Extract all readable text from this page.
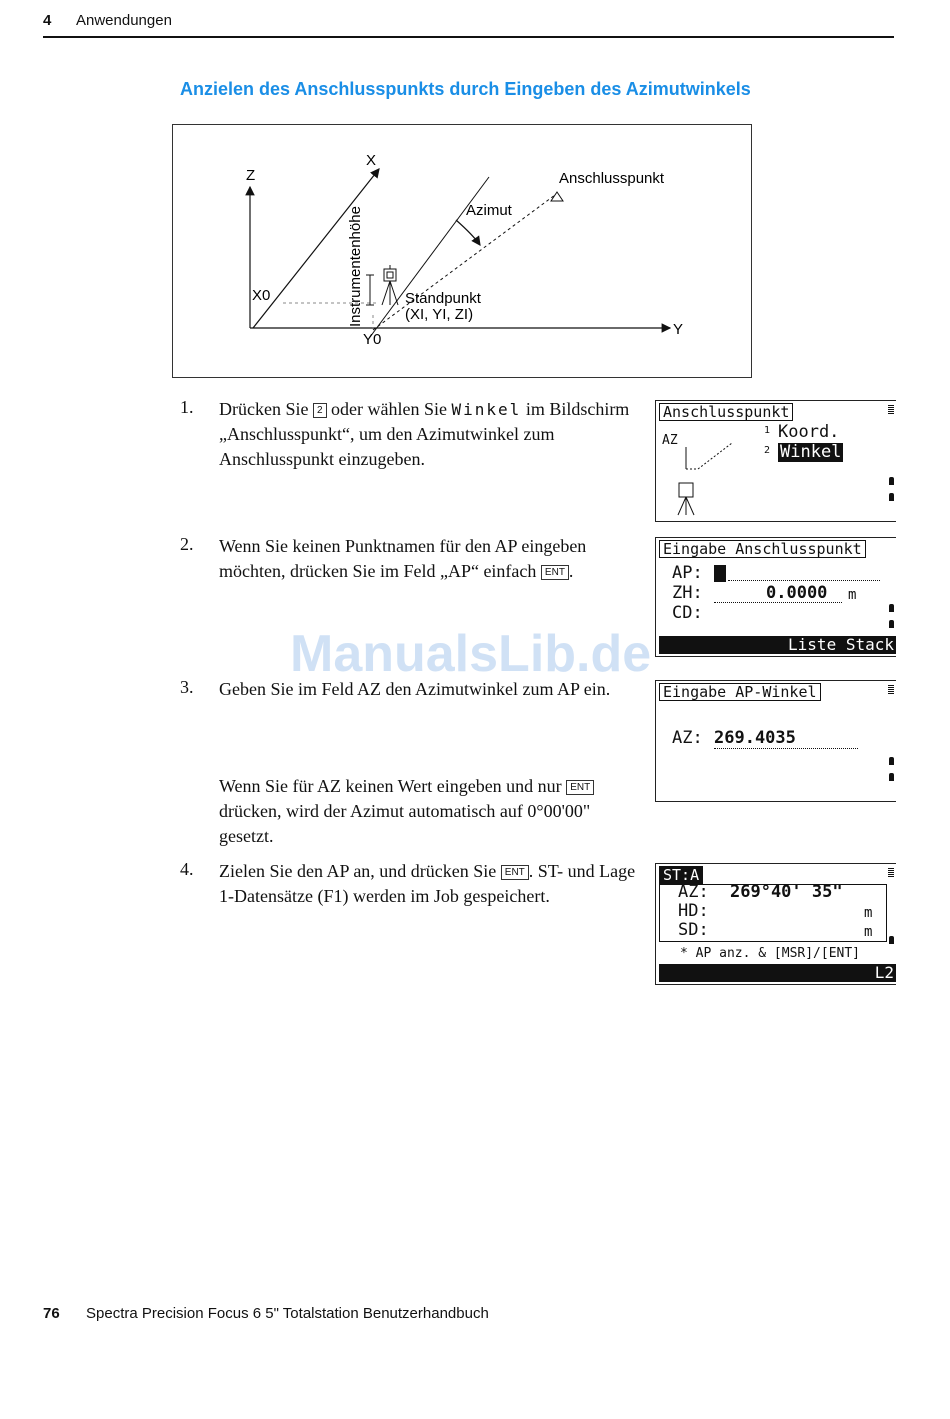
4 Anwendungen
Anzielen des Anschlusspunkts durch Eingeben des Azimutwinkels
Z
X
Y
X0
Y0
Instrumentenhöhe	Azimut
Anschlusspunkt
Standpunkt
(XI, YI, ZI)
1. Drücken Sie 2 oder wählen Sie Winkel im Bildschirm „Anschlusspunkt“, um den Azimutwinkel zum Anschlusspunkt einzugeben.
Anschlusspunkt
AZ
1 Koord.
2 Winkel
2. Wenn Sie keinen Punktnamen für den AP eingeben möchten, drücken Sie im Feld „AP“ einfach ENT .
Eingabe Anschlusspunkt
AP:
ZH:	0.0000 m
CD:
Liste Stack
ManualsLib.de
3. Geben Sie im Feld AZ den Azimutwinkel zum AP ein.
Wenn Sie für AZ keinen Wert eingeben und nur ENT drücken, wird der Azimut automatisch auf 0°00'00" gesetzt.
Eingabe AP-Winkel
AZ: 269.4035
4. Zielen Sie den AP an, und drücken Sie ENT . ST- und Lage 1-Datensätze (F1) werden im Job gespeichert.
ST:A
AZ: 269°40' 35"
HD:	m
SD:	m
* AP anz. & [MSR]/[ENT]
L2
76 Spectra Precision Focus 6 5" Totalstation Benutzerhandbuch
